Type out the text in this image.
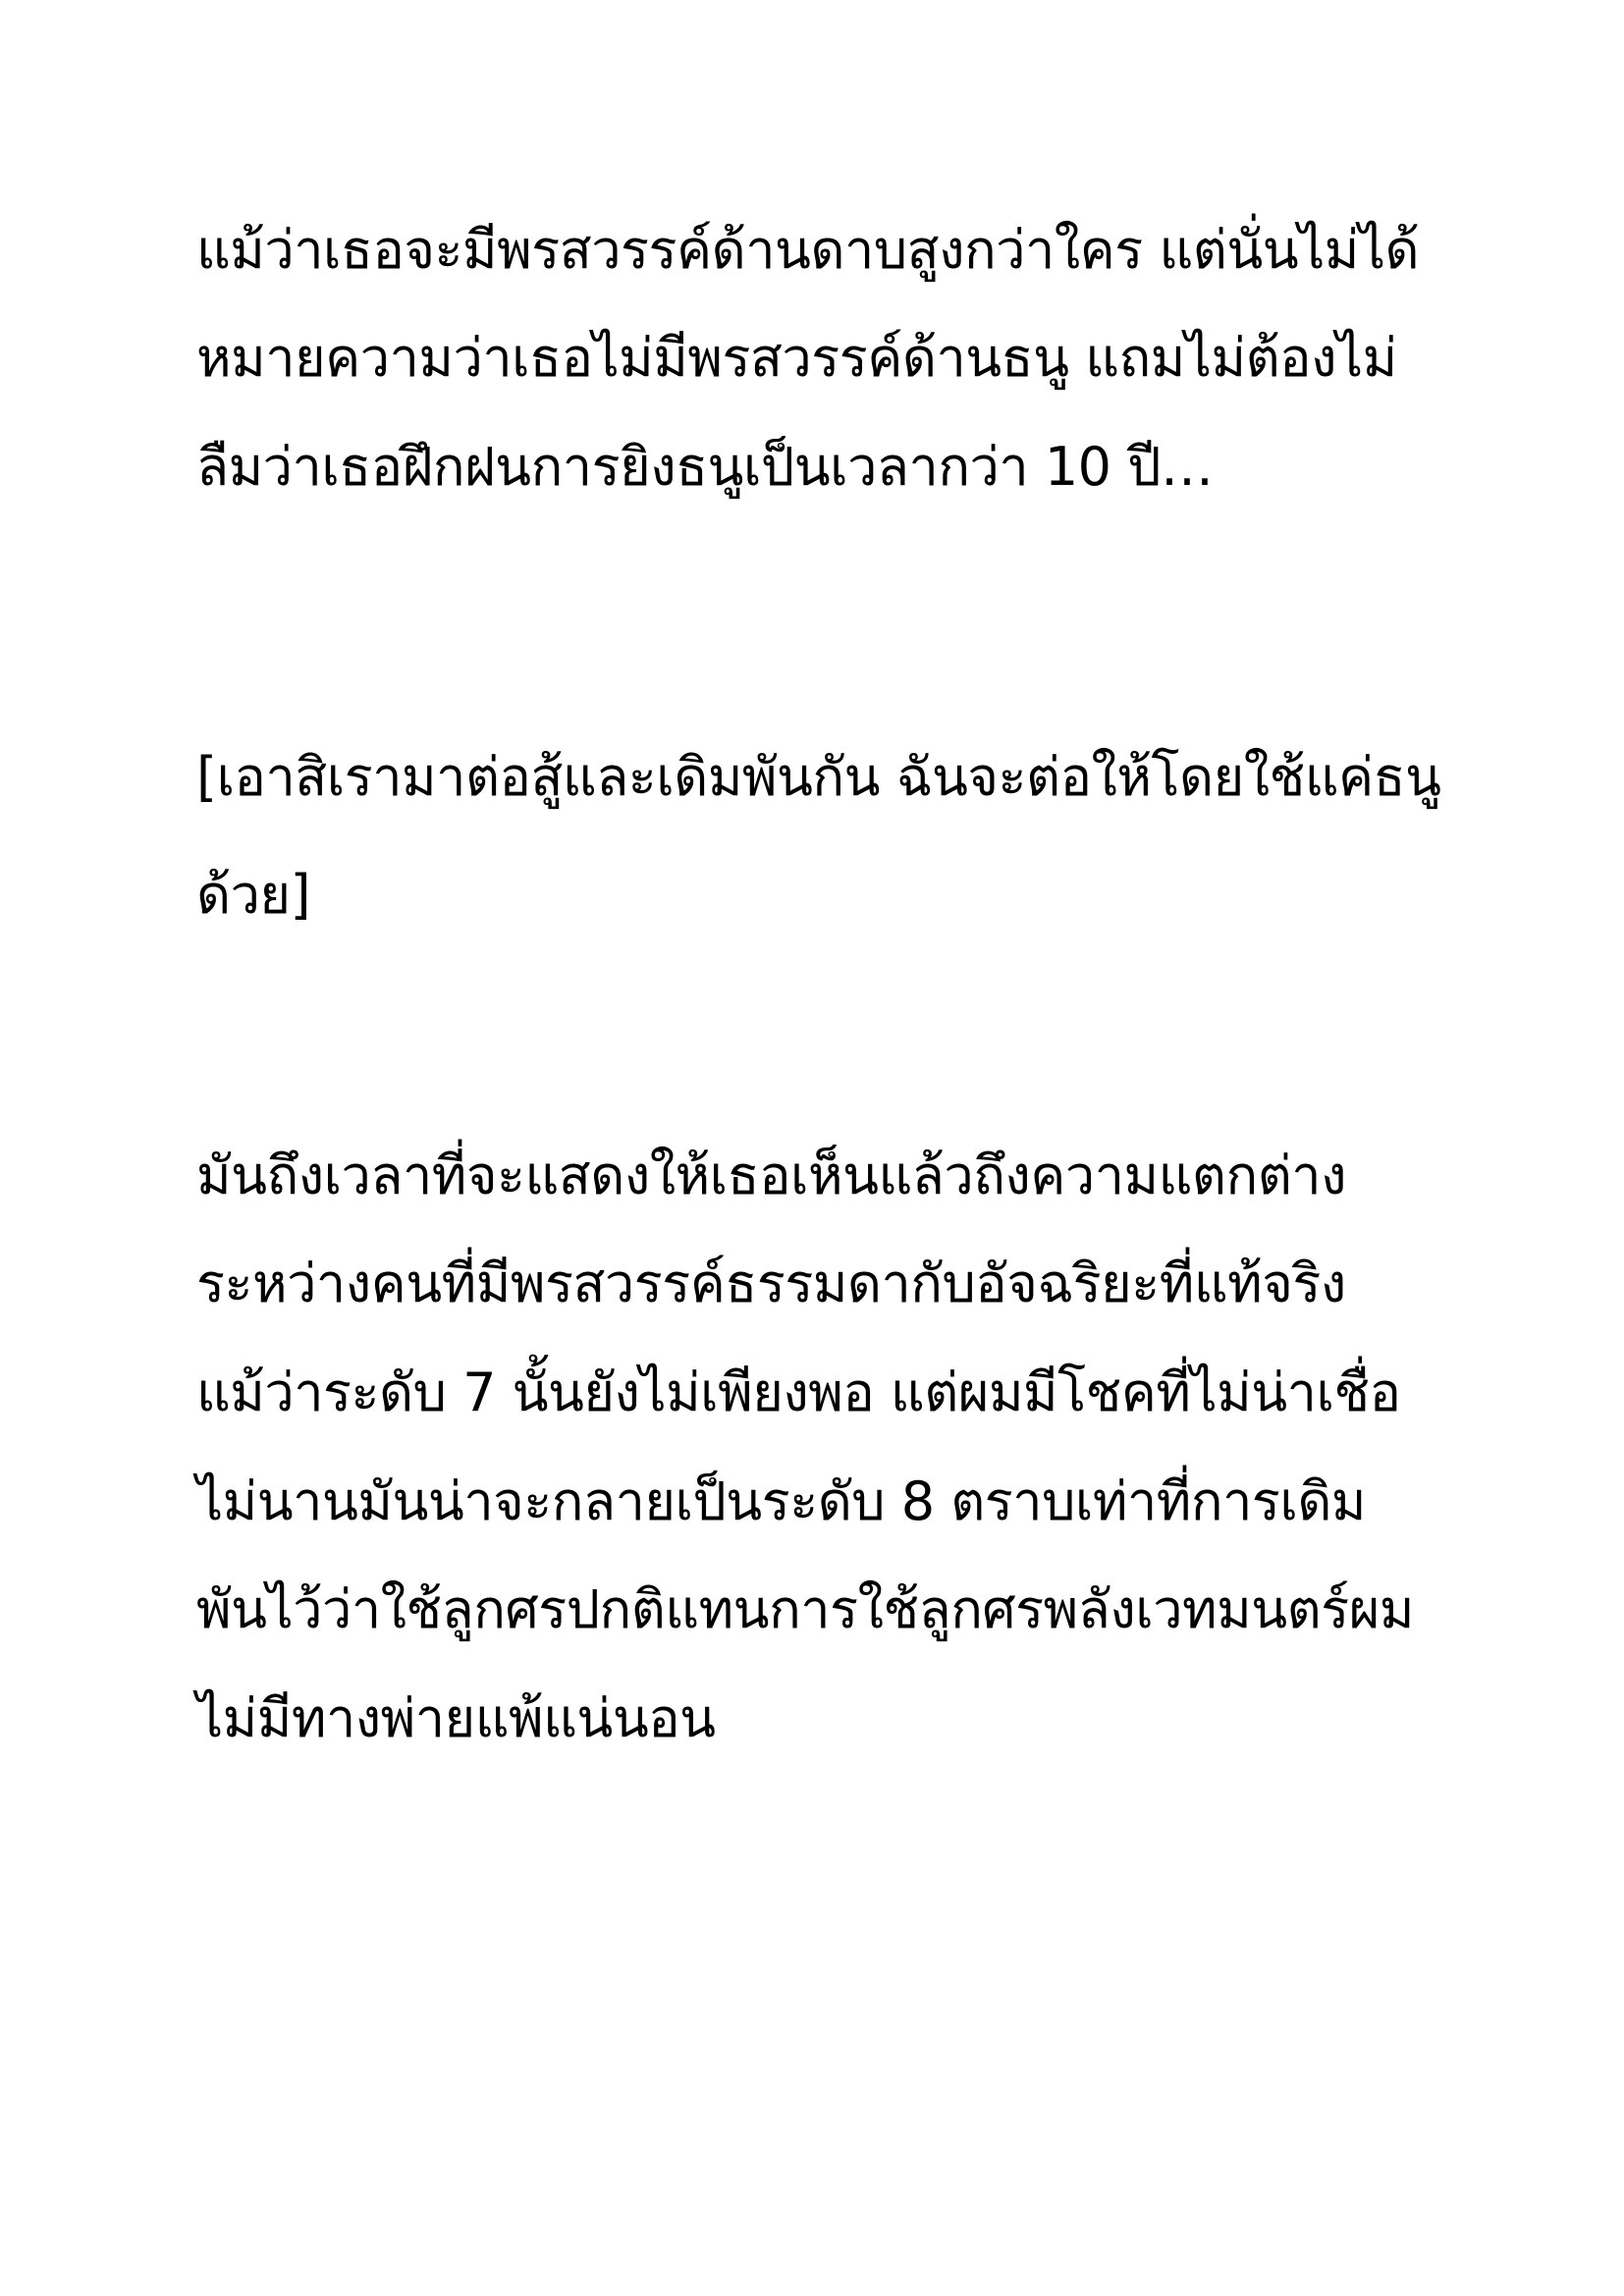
แม้ว่าเธอจะมีพรสวรรค์ด้านดาบสูงกว่าใคร แต่นั่นไม่ได้
หมายความว่าเธอไม่มีพรสวรรค์ด้านธนู แถมไม่ต้องไม่
ลืมว่าเธอฝึกฝนการยิงธนูเป็นเวลากว่า 10 ปี…
[เอาสิเรามาต่อสู้และเดิมพันกัน ฉันจะต่อให้โดยใช้แค่ธนู
ด้วย]
มันถึงเวลาที่จะแสดงให้เธอเห็นแล้วถึงความแตกต่าง
ระหว่างคนที่มีพรสวรรค์ธรรมดากับอัจฉริยะที่แท้จริง
แม้ว่าระดับ 7 นั้นยังไม่เพียงพอ แต่ผมมีโชคที่ไม่น่าเชื่อ
ไม่นานมันน่าจะกลายเป็นระดับ 8 ตราบเท่าที่การเดิม
พันไว้ว่าใช้ลูกศรปกติแทนการใช้ลูกศรพลังเวทมนตร์ผม
ไม่มีทางพ่ายแพ้แน่นอน
